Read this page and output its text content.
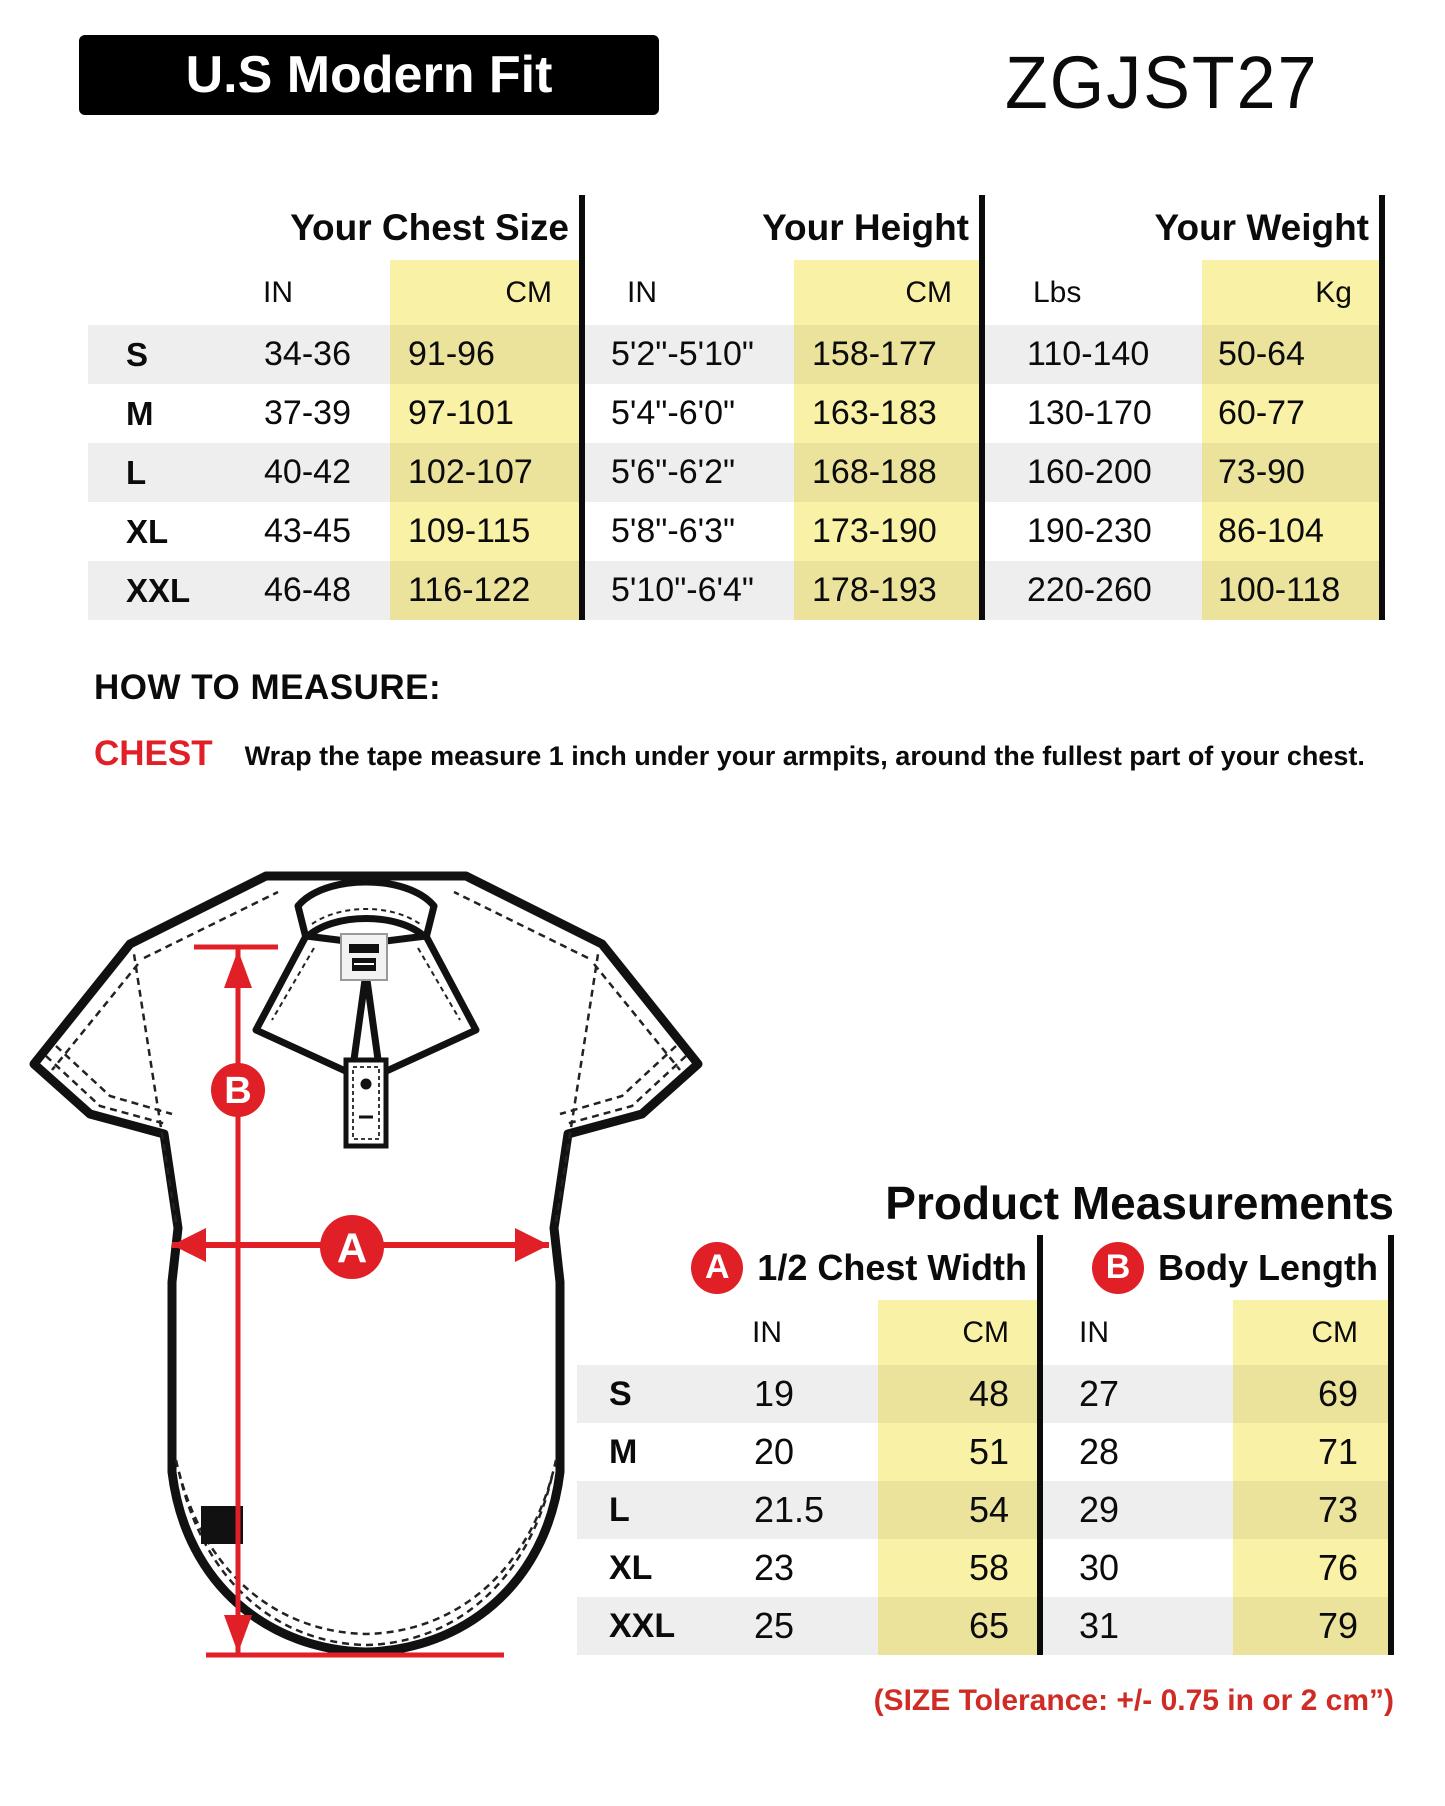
U.S Modern Fit	ZGJST27
Your Chest Size	Your Height	Your Weight
IN	CM	IN	CM	Lbs	Kg
S	34-36	91-96	5'2"-5'10"	158-177	110-140	50-64
M	37-39	97-101	5'4"-6'0"	163-183	130-170	60-77
L	40-42	102-107	5'6"-6'2"	168-188	160-200	73-90
XL	43-45	109-115	5'8"-6'3"	173-190	190-230	86-104
XXL	46-48	116-122	5'10"-6'4"	178-193	220-260	100-118
HOW TO MEASURE:
CHEST Wrap the tape measure 1 inch under your armpits, around the fullest part of your chest.
B
A
Product Measurements
A 1/2 Chest Width	B Body Length
IN	CM	IN	CM
S	19	48	27	69
M	20	51	28	71
L	21.5	54	29	73
XL	23	58	30	76
XXL	25	65	31	79
(SIZE Tolerance: +/- 0.75 in or 2 cm”)
